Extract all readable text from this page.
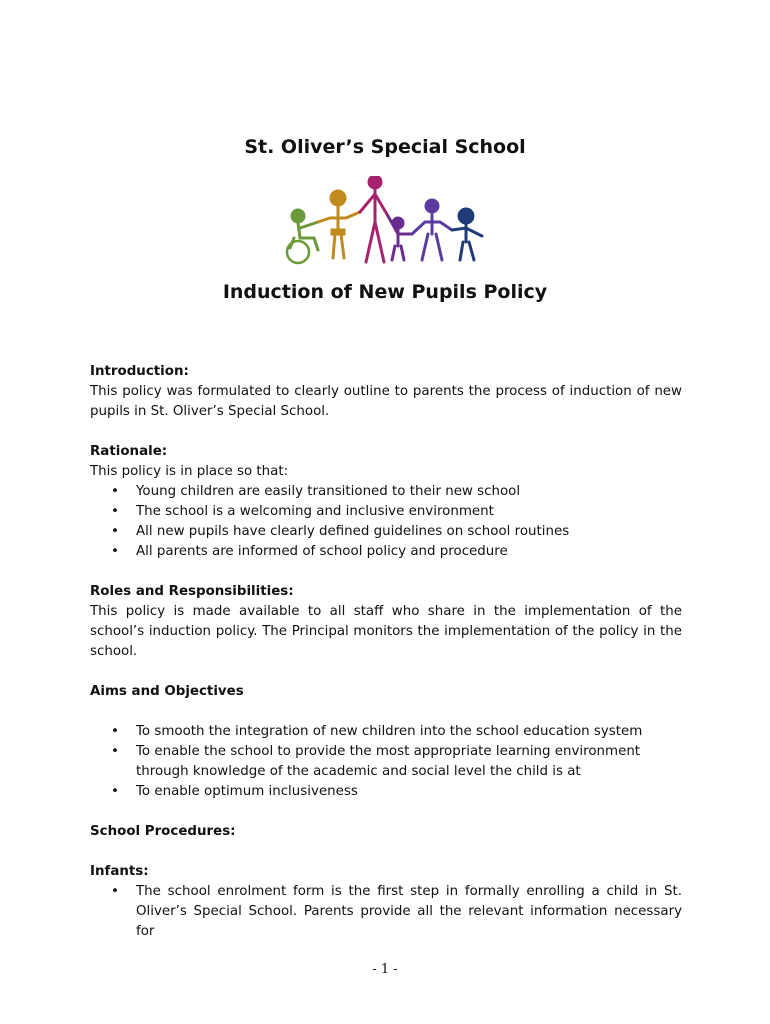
St. Oliver’s Special School
Induction of New Pupils Policy
Introduction:

This policy was formulated to clearly outline to parents the process of induction of new pupils in St. Oliver’s Special School.

Rationale:

This policy is in place so that:

• Young children are easily transitioned to their new school
• The school is a welcoming and inclusive environment
• All new pupils have clearly defined guidelines on school routines
• All parents are informed of school policy and procedure
Roles and Responsibilities:

This policy is made available to all staff who share in the implementation of the school’s induction policy. The Principal monitors the implementation of the policy in the school.

Aims and Objectives
• To smooth the integration of new children into the school education system
• To enable the school to provide the most appropriate learning environment through knowledge of the academic and social level the child is at
• To enable optimum inclusiveness
School Procedures:
Infants:
• The school enrolment form is the first step in formally enrolling a child in St. Oliver’s Special School. Parents provide all the relevant information necessary for
- 1 -
